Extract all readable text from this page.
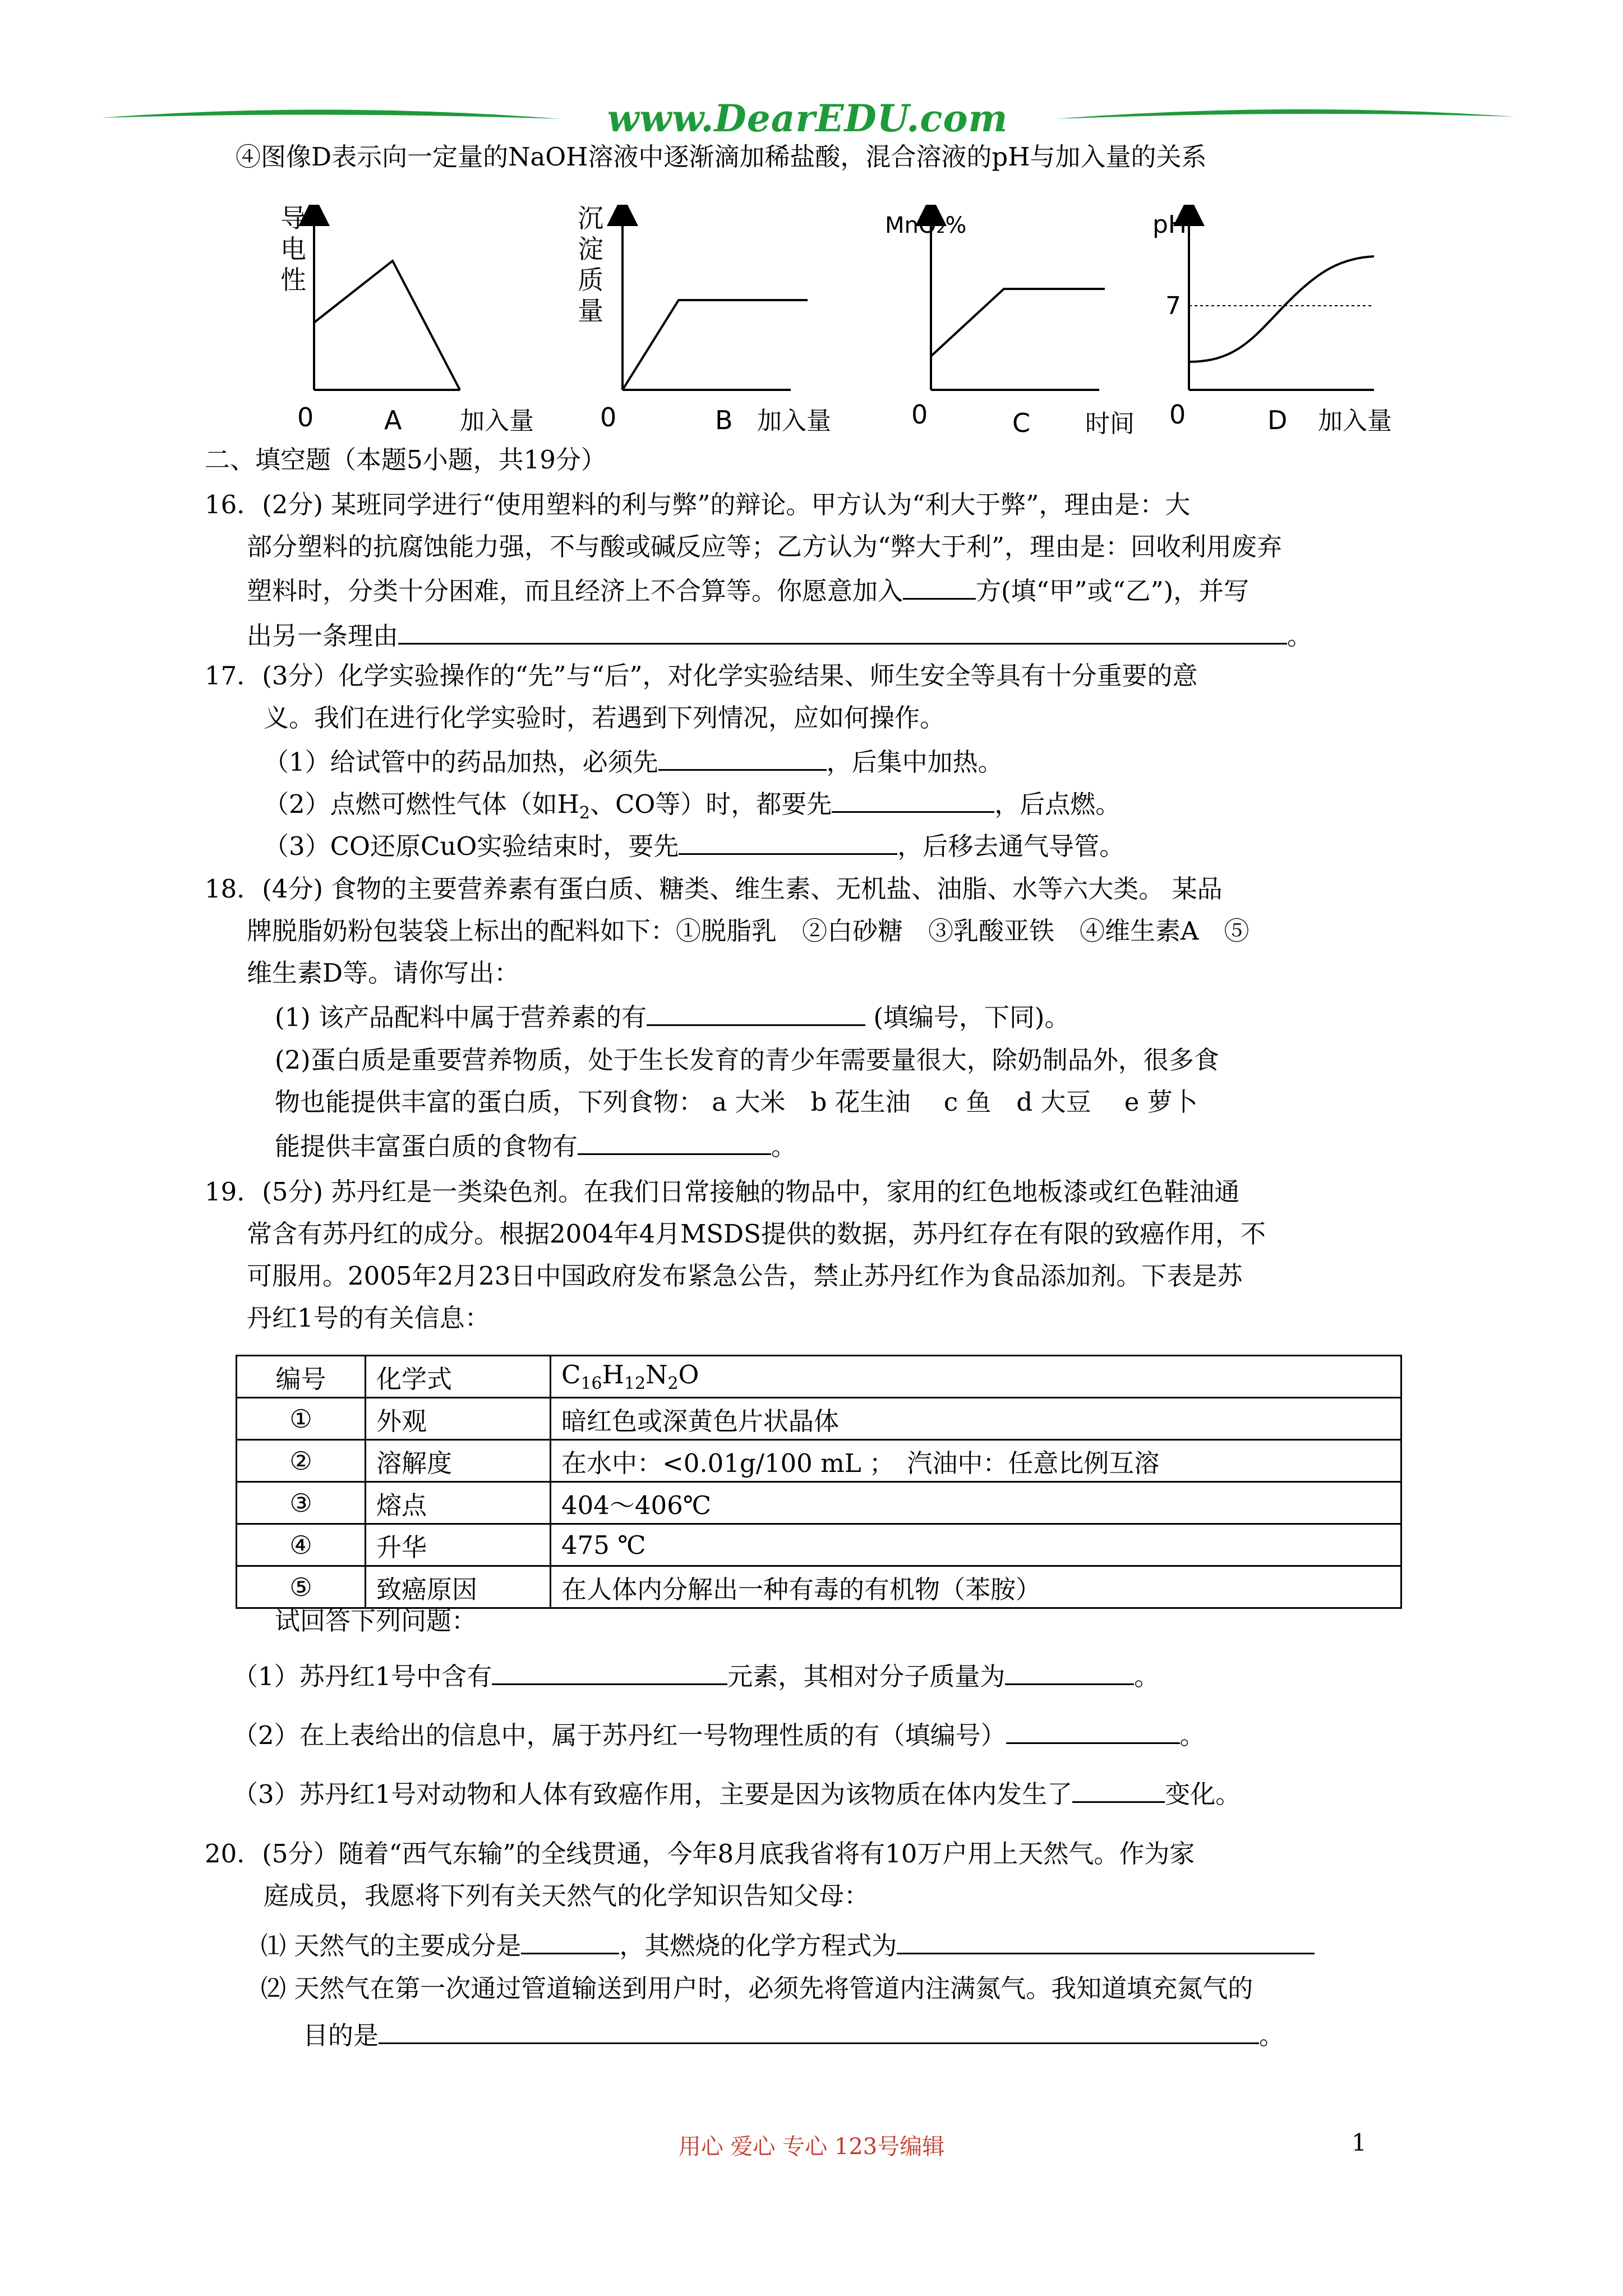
www.DearEDU.com
④图像D表示向一定量的NaOH溶液中逐渐滴加稀盐酸，混合溶液的pH与加入量的关系
导
电
性
0	A 加入量
沉
淀
质
量
0	B 加入量
MnO₂%
0	C 时间
pH
7
0	D 加入量
二、填空题（本题5小题，共19分）
16．(2分) 某班同学进行“使用塑料的利与弊”的辩论。甲方认为“利大于弊”，理由是：大
部分塑料的抗腐蚀能力强，不与酸或碱反应等；乙方认为“弊大于利”，理由是：回收利用废弃
塑料时，分类十分困难，而且经济上不合算等。你愿意加入	方(填“甲”或“乙”)，并写
出另一条理由	。
17．(3分）化学实验操作的“先”与“后”，对化学实验结果、师生安全等具有十分重要的意
义。我们在进行化学实验时，若遇到下列情况，应如何操作。
（1）给试管中的药品加热，必须先	，后集中加热。
（2）点燃可燃性气体（如$H_2$、CO等）时，都要先	，后点燃。
（3）CO还原CuO实验结束时，要先	，后移去通气导管。
18．(4分) 食物的主要营养素有蛋白质、糖类、维生素、无机盐、油脂、水等六大类。 某品
牌脱脂奶粉包装袋上标出的配料如下：①脱脂乳　②白砂糖　③乳酸亚铁　④维生素A　⑤
维生素D等。请你写出：
(1) 该产品配料中属于营养素的有	(填编号，下同)。
(2)蛋白质是重要营养物质，处于生长发育的青少年需要量很大，除奶制品外，很多食
物也能提供丰富的蛋白质，下列食物： a 大米　b 花生油　 c 鱼　d 大豆　 e 萝卜
能提供丰富蛋白质的食物有	。
19．(5分) 苏丹红是一类染色剂。在我们日常接触的物品中，家用的红色地板漆或红色鞋油通
常含有苏丹红的成分。根据2004年4月MSDS提供的数据，苏丹红存在有限的致癌作用，不
可服用。2005年2月23日中国政府发布紧急公告，禁止苏丹红作为食品添加剂。下表是苏
丹红1号的有关信息：
编号	化学式	$C_{16}H_{12}N_2O$
①	外观	暗红色或深黄色片状晶体
②	溶解度	在水中：<0.01g/100 mL ；　汽油中：任意比例互溶
③	熔点	404～406℃
④	升华	475 ℃
⑤	致癌原因	在人体内分解出一种有毒的有机物（苯胺）
试回答下列问题：
（1）苏丹红1号中含有	元素，其相对分子质量为	。
（2）在上表给出的信息中，属于苏丹红一号物理性质的有（填编号）	。
（3）苏丹红1号对动物和人体有致癌作用，主要是因为该物质在体内发生了	变化。
20．(5分）随着“西气东输”的全线贯通，今年8月底我省将有10万户用上天然气。作为家
庭成员，我愿将下列有关天然气的化学知识告知父母：
⑴ 天然气的主要成分是	，其燃烧的化学方程式为
⑵ 天然气在第一次通过管道输送到用户时，必须先将管道内注满氮气。我知道填充氮气的
目的是	。
用心 爱心 专心 123号编辑	1
